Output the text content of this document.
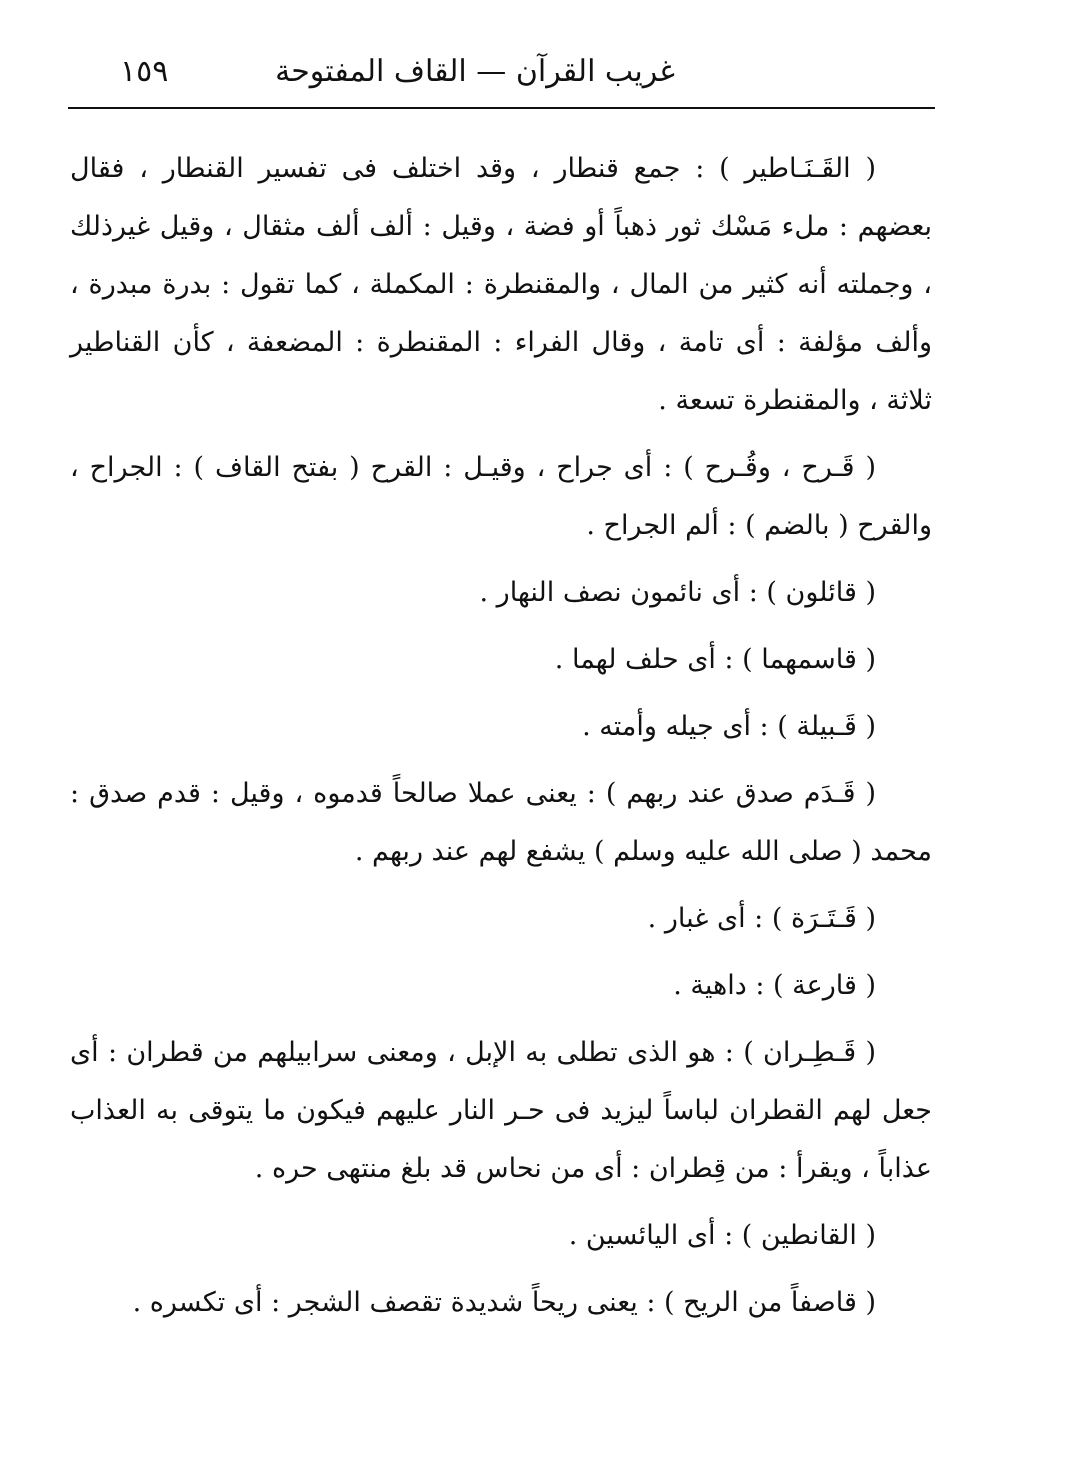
١٥٩	غريب القرآن — القاف المفتوحة

( القَـنَـاطير ) : جمع قنطار ، وقد اختلف فى تفسير القنطار ، فقال بعضهم : ملء مَسْك ثور ذهباً أو فضة ، وقيل : ألف ألف مثقال ، وقيل غيرذلك ، وجملته أنه كثير من المال ، والمقنطرة : المكملة ، كما تقول : بدرة مبدرة ، وألف مؤلفة : أى تامة ، وقال الفراء : المقنطرة : المضعفة ، كأن القناطير ثلاثة ، والمقنطرة تسعة .

( قَـرح ، وقُـرح ) : أى جراح ، وقيـل : القرح ( بفتح القاف ) : الجراح ، والقرح ( بالضم ) : ألم الجراح .

( قائلون ) : أى نائمون نصف النهار .

( قاسمهما ) : أى حلف لهما .

( قَـبيلة ) : أى جيله وأمته .

( قَـدَم صدق عند ربهم ) : يعنى عملا صالحاً قدموه ، وقيل : قدم صدق : محمد ( صلى الله عليه وسلم ) يشفع لهم عند ربهم .

( قَـتَـرَة ) : أى غبار .

( قارعة ) : داهية .

( قَـطِـران ) : هو الذى تطلى به الإبل ، ومعنى سرابيلهم من قطران : أى جعل لهم القطران لباساً ليزيد فى حـر النار عليهم فيكون ما يتوقى به العذاب عذاباً ، ويقرأ : من قِطران : أى من نحاس قد بلغ منتهى حره .

( القانطين ) : أى اليائسين .

( قاصفاً من الريح ) : يعنى ريحاً شديدة تقصف الشجر : أى تكسره .
